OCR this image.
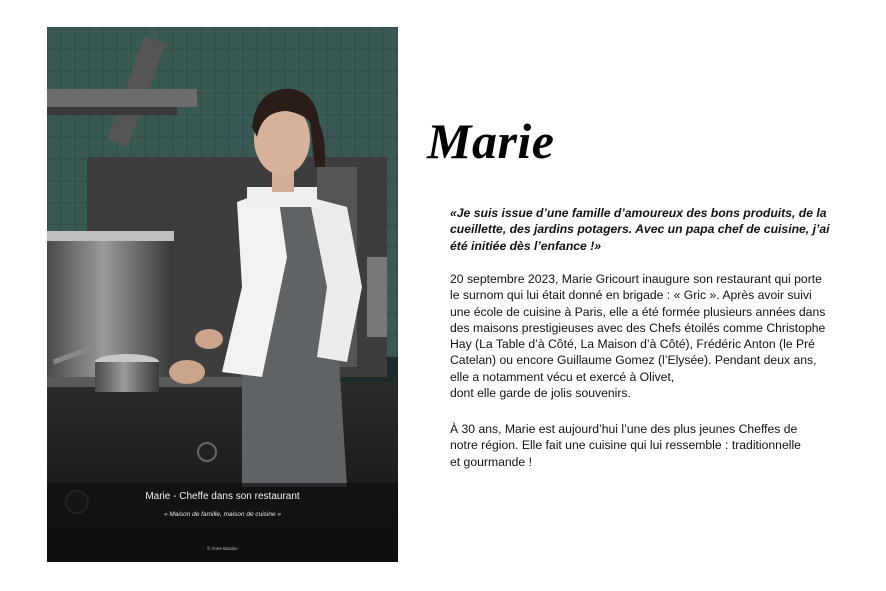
Marie - Cheffe dans son restaurant
« Maison de famille, maison de cuisine »
© Anne Bardou
Marie
«Je suis issue d’une famille d’amoureux des bons produits, de la cueillette, des jardins potagers. Avec un papa chef de cuisine, j’ai été initiée dès l’enfance !»

20 septembre 2023, Marie Gricourt inaugure son restaurant qui porte

le surnom qui lui était donné en brigade : « Gric ». Après avoir suivi

une école de cuisine à Paris, elle a été formée plusieurs années dans

des maisons prestigieuses avec des Chefs étoilés comme Christophe

Hay (La Table d’à Côté, La Maison d’à Côté), Frédéric Anton (le Pré

Catelan) ou encore Guillaume Gomez (l’Elysée). Pendant deux ans,

elle a notamment vécu et exercé à Olivet,

dont elle garde de jolis souvenirs.

À 30 ans, Marie est aujourd’hui l’une des plus jeunes Cheffes de

notre région. Elle fait une cuisine qui lui ressemble : traditionnelle

et gourmande !
